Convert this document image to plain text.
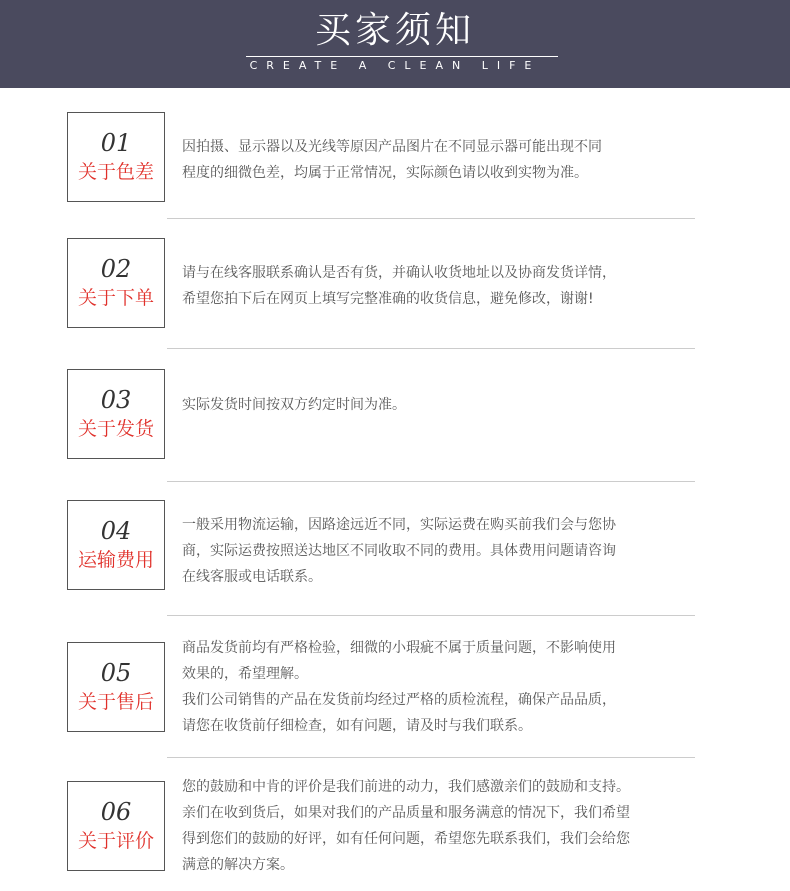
买家须知
CREATE A CLEAN LIFE
01
关于色差

因拍摄、显示器以及光线等原因产品图片在不同显示器可能出现不同

程度的细微色差，均属于正常情况，实际颜色请以收到实物为准。

02
关于下单

请与在线客服联系确认是否有货，并确认收货地址以及协商发货详情，

希望您拍下后在网页上填写完整准确的收货信息，避免修改，谢谢!

03
关于发货

实际发货时间按双方约定时间为准。

04
运输费用

一般采用物流运输，因路途远近不同，实际运费在购买前我们会与您协

商，实际运费按照送达地区不同收取不同的费用。具体费用问题请咨询

在线客服或电话联系。

05
关于售后

商品发货前均有严格检验，细微的小瑕疵不属于质量问题，不影响使用

效果的，希望理解。

我们公司销售的产品在发货前均经过严格的质检流程，确保产品品质，

请您在收货前仔细检查，如有问题，请及时与我们联系。

06
关于评价

您的鼓励和中肯的评价是我们前进的动力，我们感激亲们的鼓励和支持。

亲们在收到货后，如果对我们的产品质量和服务满意的情况下，我们希望

得到您们的鼓励的好评，如有任何问题，希望您先联系我们，我们会给您

满意的解决方案。
